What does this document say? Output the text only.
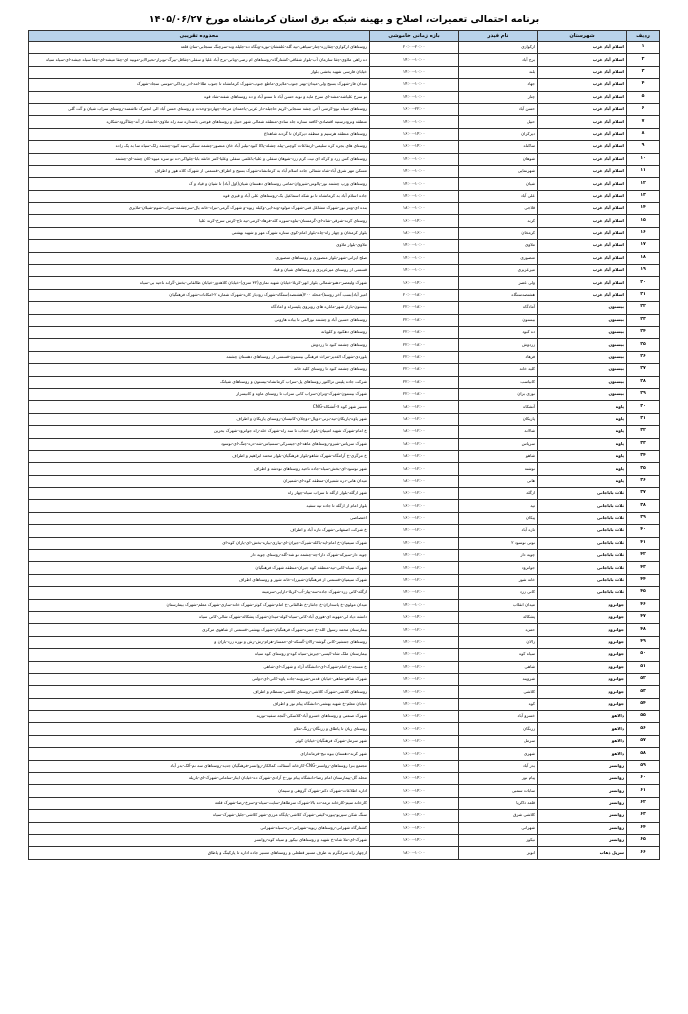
برنامه احتمالی تعمیرات، اصلاح و بهینه شبکه برق استان کرمانشاه مورخ ۱۴۰۵/۰۶/۲۷
ردیف	شهرستان	نام فیدر	بازه زمانی خاموشی	محدوده تقریبی
۱	اسلام آباد غرب	ارکوازی	۲۰:۰۰-۲۰:۰۰	روستاهای ارکوازی-چقارزه-چنار-سیاهی-تپه گله-علفشان-نوره-ونگاه ده-جلیله وند-سرچنگ سنجابی-سان قلعه
۲	اسلام آباد غرب	برج آباد	۱۴:۰۰-۱۰:۰۰	ده راهی ملاوی-چقا سازمان آب-بلوار شقاقی-کشتارگاه-روستاهای ام رضی-ونانی-برج آباد علیا و سفلی-چقاقل-بیرگ-نوبرار-نحیرالابر-موبیه ای-چقا میشه-ای-چقا سیاه جیشه-ای-سیاه سیاه
۳	اسلام آباد غرب	بلند	۱۴:۰۰-۱۰:۰۰	خیابان فارسی شهید بخشی بلوار
۴	اسلام آباد غرب	جهاد	۱۴:۰۰-۱۰:۰۰	میدان فار-شهرک بسیج ولی-میدان-بهتر جنوب-ملایری-ماطع جنوب-شهرک کرمانشاه تا جنوب طلا-امه-ادر یزداکی-موسی سجاد-شهرک
۵	اسلام آباد غرب	چنار	۱۴:۰۰-۱۰:۰۰	نو سرخ علیاشه-مشه-ای سرخ ماید و نوبه حسن آباد تا سنتو آباد و ده روستاهای شفته-شاد قوه
۶	اسلام آباد غرب	حسن آباد	۱۶:۰۰-۲۲:۰۰	روستاهای سیاه نوو-کرمنی آخی چشه سنجابی-کریم حاجیله-دار عربی-یاحمدان مرحاد-چهاردو-وحدت و روستای حسن آباد الی انجیرک تلاشمند-روستای سراب شیان و گت گلی
۷	اسلام آباد غرب	حبیل	۱۴:۰۰-۱۰:۰۰	منطقه ونرودرستیه اقتصادی-کافته ستاره جاه سادی-منطقه شمالی شهر حبیل و روستاهای فوجنی باسداره سه راه ملاوی-خانساه از آند-چقاگرود-شکاره
۸	اسلام آباد غرب	دیرکران	۱۶:۰۰-۱۴:۰۰	روستاهای منطقه هرسیم و منطقه دیرکران تا گردنه شاهداع
۹	اسلام آباد غرب	ساکناه	۱۶:۰۰-۱۴:۰۰	روستای های بجره کره سلیمی-ارتفاعات کوچنی-پبله چشله-پاکا کبود-نیلبر آباد خان منصور-چشمه سنگی-سیه کبود-چشمه زلک-سیاه سا به یک زاده
۱۰	اسلام آباد غرب	شوهان	۱۴:۰۰-۱۰:۰۰	روستاهای کس زرد و کرکه ای نیت کرم زرد-شوهان سفلی و علیا-باعلمی سفلی وعلیا-کمر خانقه بابا-چلواکی-ده نو سره میوه-کان چشه-ای-چشمه
۱۱	اسلام آباد غرب	شهرنمایی	۱۴:۰۰-۱۰:۰۰	مسکن مهر شرق آباد-شاه شمالی جاده اسلام آباد به کرمانشاه-شهرک بسیج و اطراف-قسمتی از شهرک کلاه هور و اطراف
۱۲	اسلام آباد غرب	شیان	۱۴:۰۰-۱۰:۰۰	روستاهای ورپ چشمه نور-پالوس-شیروان-تمامی روستاهای دهستان شیان(اول آباد) تا شیان و قیاد و ک
۱۳	اسلام آباد غرب	علی آباد	۱۴:۰۰-۱۰:۰۰	جاده اسلام آباد به کرمانشاه تا نو شکه اسماعیل بک-روستاهای علی آباد و قیزی قوه
۱۴	اسلام آباد غرب	قلاجی	۱۸:۰۰-۱۰:۰۰	بنده ای-ونتر نور-شهرک مشاغل فنی-شهرک مولود-ونه-ایی-وکیله زیوه-و شهرک گرمی-نبراد-خانه یال-سرچشمه-سراب-شوم-شیلان-ملایری
۱۵	اسلام آباد غرب	کرند	۱۶:۰۰-۱۴:۰۰	روستای کرند-شرقی-شاه-ای-گرمستان-بناوه-سوره کله-فرهاد-کرمی-تپه تاج-کرس سرخ-کرند علیا
۱۶	اسلام آباد غرب	کرمخان	۱۸:۰۰-۱۶:۰۰	بلوار کرمخان و چهار راه-چاه-بلوار امام-کوی ستاره شهرک مهر و شهید بهشتی
۱۷	اسلام آباد غرب	ملاوی	۱۴:۰۰-۱۰:۰۰	ملاوی-بلوار ملاوی
۱۸	اسلام آباد غرب	منصوری	۱۴:۰۰-۱۰:۰۰	صلح ایرانی-شهر-بلوار منصوری و روستاهای منصوری
۱۹	اسلام آباد غرب	میرعزیزی	۱۴:۰۰-۱۰:۰۰	قسمتی از روستای میرعزیزی و روستاهای شیان و قیاد
۲۰	اسلام آباد غرب	ولی عصر	۱۶:۰۰-۱۴:۰۰	شهرک ولیعصر-دهنو-شمالی بلوار ابهر-کربلا-خیابان شهید نمازی(۳۲ متری)-خیابان کلاهدوز-خیابان طالقانی-بخش-گراند ناحیه بی-سیاه
۲۱	اسلام آباد غرب	هشتصدستگاه	۲۰:۰۰-۱۸:۰۰	امیر آباد(بسب آخر روستا)-محله ۲۰۰(هشتصد)ستگاه-شهرک رودبار کاره-شهرک شماره ۲-امکانات-شهرک فرهنگیان
۲۲	بیستون	آمادگاه	۲۲:۰۰-۱۸:۰۰	بیستون-بازار شهر-ماناره های روبروی پلیسراه و امادگاه
۲۳	بیستون	بیستون	۲۲:۰۰-۱۸:۰۰	روستاهای حسین آباد و چشمه نورالعی تا بیاده هارونی
۲۴	بیستون	ده کبود	۲۲:۰۰-۱۸:۰۰	روستاهای دهکبود و کلویانه
۲۵	بیستون	زردوش	۲۲:۰۰-۱۸:۰۰	روستاهای چشمه کبود تا زردوش
۲۶	بیستون	فرهاد	۲۲:۰۰-۱۸:۰۰	بلوردی-شهرک الغدیر-مراث فرهنگی بیستون-قسمتی از روستاهای دهستان چشمه
۲۷	بیستون	کلید خانه	۲۲:۰۰-۱۸:۰۰	روستاهای چشمه کبود تا روستای کلید خانه
۲۸	بیستون	کانیاسب	۲۲:۰۰-۱۸:۰۰	شرکت جاده پلیس تراکتور روستاهای پل-سراب کرمانشاه-بیستون و روستاهای شیانک
۲۹	بیستون	نوزی بران	۲۲:۰۰-۱۸:۰۰	شهرک بیستون-شهرک-ونران-سراب کانی سراب تا روستای ماوه و کانیسرار
۳۰	پاوه	آتشکاه	۱۸:۰۰-۱۲:۰۰	مسیر شهر کوه لا-آتشکاه-CNG
۳۱	پاوه	پاریکان	۱۸:۰۰-۱۲:۰۰	شهر پاوه-پاریکان-تپه-بزنی-دوپال-دوچلان-کانیسان-روستای پاریکان و اطراف
۳۲	پاوه	شالانه	۱۸:۰۰-۱۲:۰۰	خ امام-شهرک شهید امینیان-بلوار حجاب تا سه راه-شهرک خلد-راه جوانرود-شهرک بحرین
۳۳	پاوه	سریاس	۱۸:۰۰-۱۲:۰۰	شهرک سریاس-شیرو-روستاهای ماهه-ای-جیسرکی-سسیاس-شه-دره-چنگ-ای-نوسود
۳۴	پاوه	شاهو	۱۸:۰۰-۱۲:۰۰	خ مرگزی-خ آرامگاه-شهرک شاهو-بلوار فرهنگیان-بلوار محمد ابراهیم و اطراف
۳۵	پاوه	نوشنه	۱۸:۰۰-۱۲:۰۰	شهر نوسود-ای-بخش-سیاه-جاده ناحیه روستاهای نودشه و اطراف
۳۶	پاوه	هانی	۱۸:۰۰-۱۲:۰۰	میدان هانی-دره شمیران-منطقه کوه-ای-شمیران
۳۷	ثلاث باباجانی	ازگله	۱۶:۰۰-۱۲:۰۰	شهر ازگله-بلوار ازگله تا سراب سیاه-چهار راه
۳۸	ثلاث باباجانی	تپه	۱۶:۰۰-۱۲:۰۰	بلوار امام از ازگله تا جاده تپه سفید
۳۹	ثلاث باباجانی	پیکان	۱۶:۰۰-۱۲:۰۰	اختصاصی
۴۰	ثلاث باباجانی	تازه آباد	۱۴:۰۰-۱۲:۰۰	خ شرکت اصفهانی-شهرک تازه آباد و اطراف
۴۱	ثلاث باباجانی	نوتی نوسود ۲	۱۴:۰۰-۱۲:۰۰	شهرک سیمیان-خ امام-ایه-باکله-شیرک-جیران-ای-بیاری-بیاره-بخش-ای-یاران کوه-ای
۴۲	ثلاث باباجانی	چوبه دار	۱۴:۰۰-۱۲:۰۰	چوبه دار-سیرکه-شهرک دارا-چه-چشمه نو شه-گله-روستای چوبه دار
۴۳	ثلاث باباجانی	جوانرود	۱۴:۰۰-۱۲:۰۰	شهرک سیاه-کانی-تپه-منطقه کوه جیران-منطقه شهرک فرهنگیان
۴۴	ثلاث باباجانی	خانه شور	۱۴:۰۰-۱۲:۰۰	شهرک سیمیان-قسمتی از فرهنگیان-شیرزاد-خانه شور و روستاهای اطراف
۴۵	ثلاث باباجانی	کانی زرد	۱۴:۰۰-۱۲:۰۰	ازگله-کانی زرد-شهرک جاده-سه-پیاز-آب-کربلا-دارایی-سرمینه
۴۶	جوانرود	میدان انقلاب	۱۴:۰۰-۱۰:۰۰	میدان مولوی-خ پاسداران-خ جانثار-خ طالقانی-خ امام-شهرک کوثر-شهرک خانه-سازی-شهرک معلم-شهرک بیمارستان
۴۷	جوانرود	پشکاله	۱۶:۰۰-۱۴:۰۰	دانشه دیاد لی-مهونه ای-هوری آباد-کانی-سیاه-کوله-میدان-شهرک پشکاله-شهرک شالی-کانی سیاه
۴۸	جوانرود	حمزه	۱۴:۰۰-۱۲:۰۰	بیمارستان محمد رسول الله-خ حمزه-شهرک فرهنگیان-شهرک بهشتی-قسمتی از شاهوی مرکزی
۴۹	جوانرود	زالان	۱۴:۰۰-۱۲:۰۰	روستاهای جمشیر-کانی گوشه-زالان-گسکه-ای-حمسار-هرام-رش-رش و نوره زرد-باران و
۵۰	جوانرود	سیاه کوه	۱۴:۰۰-۱۲:۰۰	بیمارستان ملک شاه-کیسی-جیرش-سیاه کوه-و روستای کوه سیاه
۵۱	جوانرود	شاهی	۱۴:۰۰-۱۲:۰۰	خ مسجد-خ امام-شهرک-ای-دانشگاه آزاد و شهرک-ای-شاهی
۵۲	جوانرود	شروینه	۱۴:۰۰-۱۲:۰۰	شهرک شاهو-شاهی-خیابان قدس-شروینه-جاده پاوه-کانی-ای-دولتی
۵۳	جوانرود	کلاشی	۱۴:۰۰-۱۲:۰۰	روستاهای کلاشی-شهرک کلاشی-روستای کلاشی-بسطام و اطراف
۵۴	جوانرود	کوه	۱۴:۰۰-۱۲:۰۰	خیابان معلم-خ شهید بهشتی-دانشگاه پیام نور و اطراف
۵۵	دالاهو	خسرو آباد	۱۶:۰۰-۱۲:۰۰	شهرک صنعتی و روستاهای خسرو آباد-کلاسکی-گنجه سفید-نوریه
۵۶	دالاهو	زرنگان	۱۶:۰۰-۱۲:۰۰	روستای ریان تا پاطاق و زرنگان-زرنگ-ملاو
۵۷	دالاهو	سرمل	۱۶:۰۰-۱۲:۰۰	شهر سرمل-شهرک فرهنگیان-خیابان کوثر
۵۸	دالاهو	شهری	۱۶:۰۰-۱۲:۰۰	شهر کرند-دهستان بیوه نبج-فرماندارای
۵۹	روانسر	بدر آباد	۱۶:۰۰-۱۴:۰۰	مجتمع بنزا روستاهای-روانسر-CNG-کارخانه آسفالت کمالکار-روانسر-فرهنگیان جدید-روستاهای سه نم-آلک-بدر آباد
۶۰	روانسر	پیام نور	۱۶:۰۰-۱۴:۰۰	محله گل-پیمارستان امام رضا-دانشگاه پیام نور-خ آزادی-شهرک ده-خیابان ایثار-ساماتی-شهرک-ای-باریله
۶۱	روانسر	سابات سمبی	۱۶:۰۰-۱۴:۰۰	اداره اطلاعات-شهرک دکتر-شهرک گروهی و سیمان
۶۲	روانسر	قلعه ذاکریا	۱۶:۰۰-۱۴:۰۰	کارخانه سیم-کارخانه ترمه-ده بالا-شهرک سرطاهار-سایت-سیاه-و-سرخ-رضا-شهرک قلعه
۶۳	روانسر	کلاشی شرق	۱۶:۰۰-۱۴:۰۰	سنگ شکن سپریو-پیوره-کیفی-شهرک کلاشی-پایگاه مرزی-شهر کلاشی-جلیل-شهرک-سیاه
۶۴	روانسر	شهرانی	۱۶:۰۰-۱۴:۰۰	کشتارگاه شهرانی-روستاهای ریوید-شهرانی-دره-سیاه-شهرانی
۶۵	روانسر	نیکوز	۱۶:۰۰-۱۴:۰۰	شهرک-ای-ملا شاه-خ شهید و روستاهای نیکوز و سیاه کوه-روانسر
۶۶	سرپل ذهاب	انوبر	۱۸:۰۰-۱۰:۰۰	ازچهار راه سرابگرم به طرف مسیر قطعلی و روستاهای مسیر جاده اداره تا پارکینگ و پاطاق
